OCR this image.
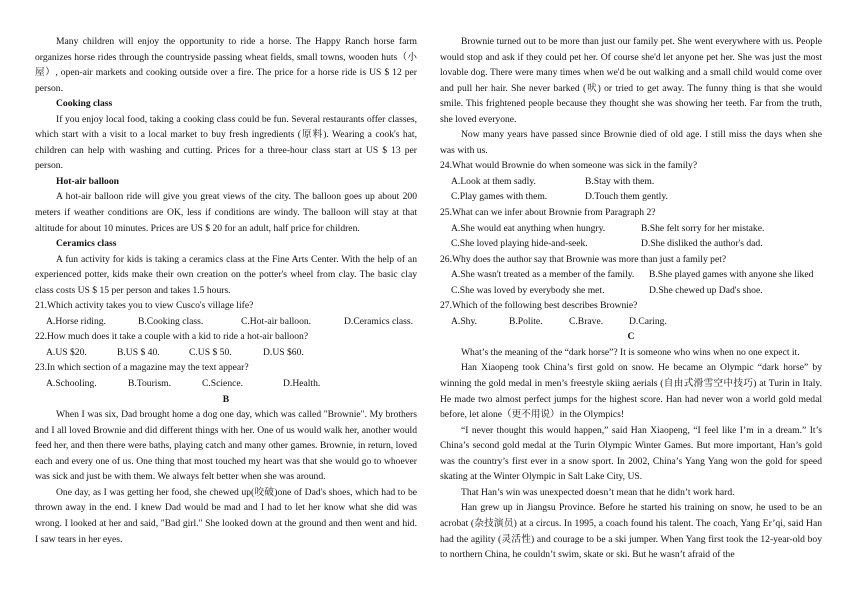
Many children will enjoy the opportunity to ride a horse. The Happy Ranch horse farm organizes horse rides through the countryside passing wheat fields, small towns, wooden huts（小屋）, open-air markets and cooking outside over a fire. The price for a horse ride is US $ 12 per person.

Cooking class

If you enjoy local food, taking a cooking class could be fun. Several restaurants offer classes, which start with a visit to a local market to buy fresh ingredients (原料). Wearing a cook's hat, children can help with washing and cutting. Prices for a three-hour class start at US $ 13 per person.

Hot-air balloon

A hot-air balloon ride will give you great views of the city. The balloon goes up about 200 meters if weather conditions are OK, less if conditions are windy. The balloon will stay at that altitude for about 10 minutes. Prices are US $ 20 for an adult, half price for children.

Ceramics class

A fun activity for kids is taking a ceramics class at the Fine Arts Center. With the help of an experienced potter, kids make their own creation on the potter's wheel from clay. The basic clay class costs US $ 15 per person and takes 1.5 hours.

21.Which activity takes you to view Cusco's village life?

A.Horse riding.	B.Cooking class.	C.Hot-air balloon.	D.Ceramics class.

22.How much does it take a couple with a kid to ride a hot-air balloon?

A.US $20.	B.US $ 40.	C.US $ 50.	D.US $60.

23.In which section of a magazine may the text appear?

A.Schooling.	B.Tourism.	C.Science.	D.Health.

B

When I was six, Dad brought home a dog one day, which was called "Brownie". My brothers and I all loved Brownie and did different things with her. One of us would walk her, another would feed her, and then there were baths, playing catch and many other games. Brownie, in return, loved each and every one of us. One thing that most touched my heart was that she would go to whoever was sick and just be with them. We always felt better when she was around.

One day, as I was getting her food, she chewed up(咬破)one of Dad's shoes, which had to be thrown away in the end. I knew Dad would be mad and I had to let her know what she did was wrong. I looked at her and said, "Bad girl." She looked down at the ground and then went and hid. I saw tears in her eyes.

Brownie turned out to be more than just our family pet. She went everywhere with us. People would stop and ask if they could pet her. Of course she'd let anyone pet her. She was just the most lovable dog. There were many times when we'd be out walking and a small child would come over and pull her hair. She never barked (吠) or tried to get away. The funny thing is that she would smile. This frightened people because they thought she was showing her teeth. Far from the truth, she loved everyone.

Now many years have passed since Brownie died of old age. I still miss the days when she was with us.

24.What would Brownie do when someone was sick in the family?

A.Look at them sadly.	B.Stay with them.
C.Play games with them.	D.Touch them gently.

25.What can we infer about Brownie from Paragraph 2?

A.She would eat anything when hungry.	B.She felt sorry for her mistake.
C.She loved playing hide-and-seek.	D.She disliked the author's dad.

26.Why does the author say that Brownie was more than just a family pet?

A.She wasn't treated as a member of the family.	B.She played games with anyone she liked
C.She was loved by everybody she met.	D.She chewed up Dad's shoe.

27.Which of the following best describes Brownie?

A.Shy.	B.Polite.	C.Brave.	D.Caring.

C

What’s the meaning of the “dark horse”? It is someone who wins when no one expect it.

Han Xiaopeng took China’s first gold on snow. He became an Olympic “dark horse” by winning the gold medal in men’s freestyle skiing aerials (自由式滑雪空中技巧) at Turin in Italy. He made two almost perfect jumps for the highest score. Han had never won a world gold medal before, let alone（更不用说）in the Olympics!

“I never thought this would happen,” said Han Xiaopeng, “I feel like I’m in a dream.” It’s China’s second gold medal at the Turin Olympic Winter Games. But more important, Han’s gold was the country’s first ever in a snow sport. In 2002, China’s Yang Yang won the gold for speed skating at the Winter Olympic in Salt Lake City, US.

That Han’s win was unexpected doesn’t mean that he didn’t work hard.

Han grew up in Jiangsu Province. Before he started his training on snow, he used to be an acrobat (杂技演员) at a circus. In 1995, a coach found his talent. The coach, Yang Er’qi, said Han had the agility (灵活性) and courage to be a ski jumper. When Yang first took the 12-year-old boy to northern China, he couldn’t swim, skate or ski. But he wasn’t afraid of the
